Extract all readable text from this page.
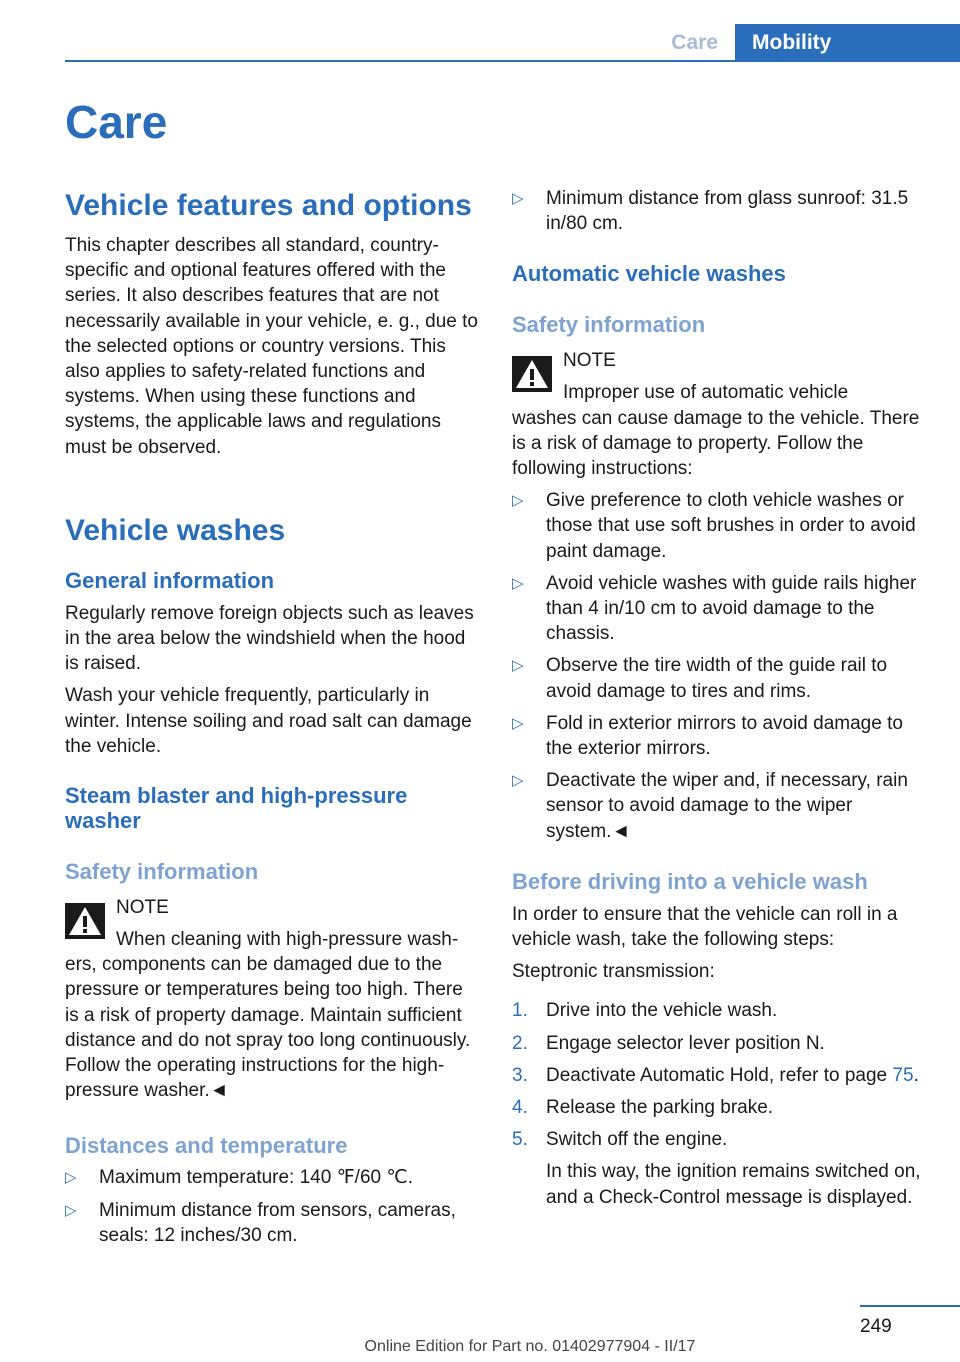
Care	Mobility
Care
Vehicle features and options

This chapter describes all standard, country-specific and optional features offered with the series. It also describes features that are not necessarily available in your vehicle, e. g., due to the selected options or country versions. This also applies to safety-related functions and systems. When using these functions and systems, the applicable laws and regulations must be observed.

Vehicle washes
General information

Regularly remove foreign objects such as leaves in the area below the windshield when the hood is raised.

Wash your vehicle frequently, particularly in winter. Intense soiling and road salt can damage the vehicle.

Steam blaster and high-pressure washer
Safety information
NOTE
When cleaning with high-pressure wash-

ers, components can be damaged due to the pressure or temperatures being too high. There is a risk of property damage. Maintain sufficient distance and do not spray too long continuously. Follow the operating instructions for the high-pressure washer.◄

Distances and temperature
▷ Maximum temperature: 140 ℉/60 ℃.
▷ Minimum distance from sensors, cameras, seals: 12 inches/30 cm.
▷ Minimum distance from glass sunroof: 31.5 in/80 cm.
Automatic vehicle washes
Safety information
NOTE
Improper use of automatic vehicle

washes can cause damage to the vehicle. There is a risk of damage to property. Follow the following instructions:

▷ Give preference to cloth vehicle washes or those that use soft brushes in order to avoid paint damage.
▷ Avoid vehicle washes with guide rails higher than 4 in/10 cm to avoid damage to the chassis.
▷ Observe the tire width of the guide rail to avoid damage to tires and rims.
▷ Fold in exterior mirrors to avoid damage to the exterior mirrors.
▷ Deactivate the wiper and, if necessary, rain sensor to avoid damage to the wiper system.◄
Before driving into a vehicle wash

In order to ensure that the vehicle can roll in a vehicle wash, take the following steps:

Steptronic transmission:

1. Drive into the vehicle wash.
2. Engage selector lever position N.
3. Deactivate Automatic Hold, refer to page 75.
4. Release the parking brake.
5. Switch off the engine.
In this way, the ignition remains switched on, and a Check-Control message is displayed.
249
Online Edition for Part no. 01402977904 - II/17
